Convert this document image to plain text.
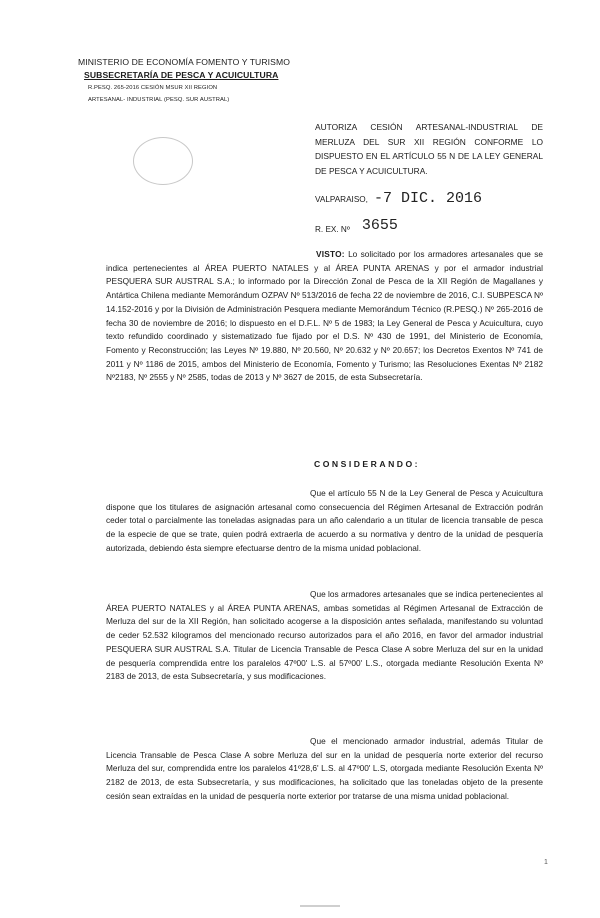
MINISTERIO DE ECONOMÍA FOMENTO Y TURISMO

SUBSECRETARÍA DE PESCA Y ACUICULTURA

R.PESQ. 265-2016 CESIÓN MSUR XII REGION

ARTESANAL- INDUSTRIAL (PESQ. SUR AUSTRAL)

AUTORIZA CESIÓN ARTESANAL-INDUSTRIAL DE MERLUZA DEL SUR XII REGIÓN CONFORME LO DISPUESTO EN EL ARTÍCULO 55 N DE LA LEY GENERAL DE PESCA Y ACUICULTURA.

VALPARAISO, -7 DIC. 2016

R. EX. Nº 3655

VISTO: Lo solicitado por los armadores artesanales que se indica pertenecientes al ÁREA PUERTO NATALES y al ÁREA PUNTA ARENAS y por el armador industrial PESQUERA SUR AUSTRAL S.A.; lo informado por la Dirección Zonal de Pesca de la XII Región de Magallanes y Antártica Chilena mediante Memorándum OZPAV Nº 513/2016 de fecha 22 de noviembre de 2016, C.I. SUBPESCA Nº 14.152-2016 y por la División de Administración Pesquera mediante Memorándum Técnico (R.PESQ.) Nº 265-2016 de fecha 30 de noviembre de 2016; lo dispuesto en el D.F.L. Nº 5 de 1983; la Ley General de Pesca y Acuicultura, cuyo texto refundido coordinado y sistematizado fue fijado por el D.S. Nº 430 de 1991, del Ministerio de Economía, Fomento y Reconstrucción; las Leyes Nº 19.880, Nº 20.560, Nº 20.632 y Nº 20.657; los Decretos Exentos Nº 741 de 2011 y Nº 1186 de 2015, ambos del Ministerio de Economía, Fomento y Turismo; las Resoluciones Exentas Nº 2182 Nº2183, Nº 2555 y Nº 2585, todas de 2013 y Nº 3627 de 2015, de esta Subsecretaría.

CONSIDERANDO:

Que el artículo 55 N de la Ley General de Pesca y Acuicultura dispone que los titulares de asignación artesanal como consecuencia del Régimen Artesanal de Extracción podrán ceder total o parcialmente las toneladas asignadas para un año calendario a un titular de licencia transable de pesca de la especie de que se trate, quien podrá extraerla de acuerdo a su normativa y dentro de la unidad de pesquería autorizada, debiendo ésta siempre efectuarse dentro de la misma unidad poblacional.

Que los armadores artesanales que se indica pertenecientes al ÁREA PUERTO NATALES y al ÁREA PUNTA ARENAS, ambas sometidas al Régimen Artesanal de Extracción de Merluza del sur de la XII Región, han solicitado acogerse a la disposición antes señalada, manifestando su voluntad de ceder 52.532 kilogramos del mencionado recurso autorizados para el año 2016, en favor del armador industrial PESQUERA SUR AUSTRAL S.A. Titular de Licencia Transable de Pesca Clase A sobre Merluza del sur en la unidad de pesquería comprendida entre los paralelos 47º00' L.S. al 57º00' L.S., otorgada mediante Resolución Exenta Nº 2183 de 2013, de esta Subsecretaría, y sus modificaciones.

Que el mencionado armador industrial, además Titular de Licencia Transable de Pesca Clase A sobre Merluza del sur en la unidad de pesquería norte exterior del recurso Merluza del sur, comprendida entre los paralelos 41º28,6' L.S. al 47º00' L.S, otorgada mediante Resolución Exenta Nº 2182 de 2013, de esta Subsecretaría, y sus modificaciones, ha solicitado que las toneladas objeto de la presente cesión sean extraídas en la unidad de pesquería norte exterior por tratarse de una misma unidad poblacional.

1
